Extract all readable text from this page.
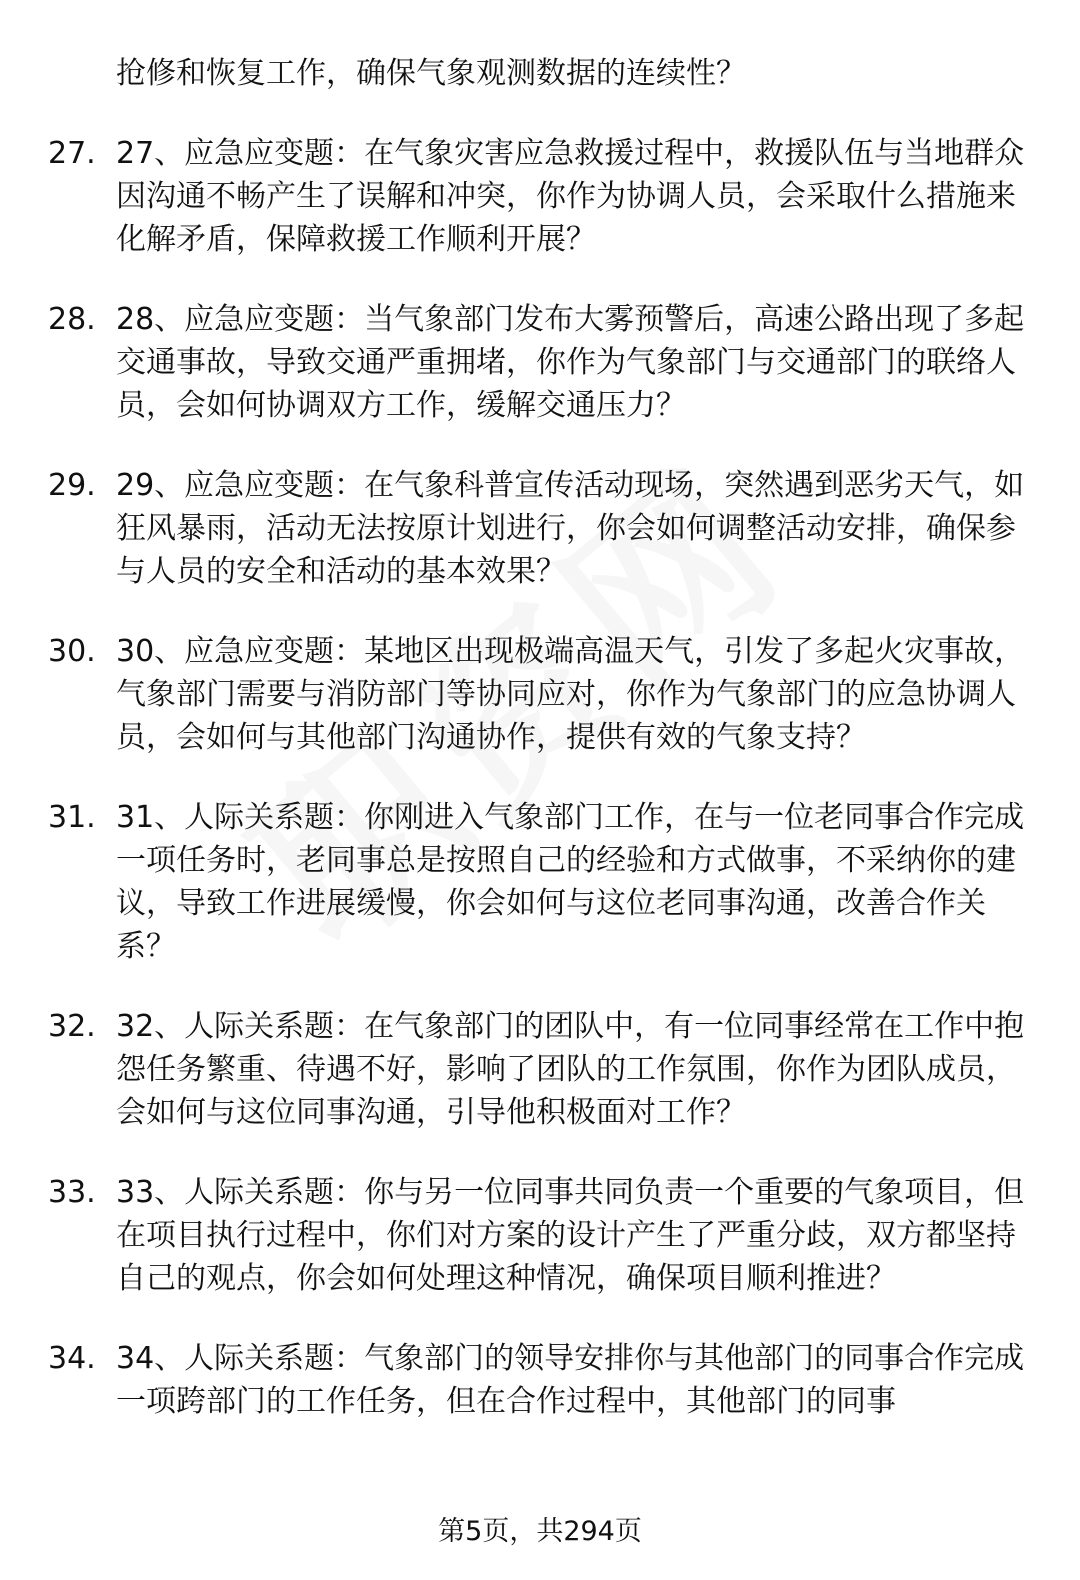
抢修和恢复工作，确保气象观测数据的连续性？
27. 27、应急应变题：在气象灾害应急救援过程中，救援队伍与当地群众因沟通不畅产生了误解和冲突，你作为协调人员，会采取什么措施来化解矛盾，保障救援工作顺利开展？
28. 28、应急应变题：当气象部门发布大雾预警后，高速公路出现了多起交通事故，导致交通严重拥堵，你作为气象部门与交通部门的联络人员，会如何协调双方工作，缓解交通压力？
29. 29、应急应变题：在气象科普宣传活动现场，突然遇到恶劣天气，如狂风暴雨，活动无法按原计划进行，你会如何调整活动安排，确保参与人员的安全和活动的基本效果？
30. 30、应急应变题：某地区出现极端高温天气，引发了多起火灾事故，气象部门需要与消防部门等协同应对，你作为气象部门的应急协调人员，会如何与其他部门沟通协作，提供有效的气象支持？
31. 31、人际关系题：你刚进入气象部门工作，在与一位老同事合作完成一项任务时，老同事总是按照自己的经验和方式做事，不采纳你的建议，导致工作进展缓慢，你会如何与这位老同事沟通，改善合作关系？
32. 32、人际关系题：在气象部门的团队中，有一位同事经常在工作中抱怨任务繁重、待遇不好，影响了团队的工作氛围，你作为团队成员，会如何与这位同事沟通，引导他积极面对工作？
33. 33、人际关系题：你与另一位同事共同负责一个重要的气象项目，但在项目执行过程中，你们对方案的设计产生了严重分歧，双方都坚持自己的观点，你会如何处理这种情况，确保项目顺利推进？
34. 34、人际关系题：气象部门的领导安排你与其他部门的同事合作完成一项跨部门的工作任务，但在合作过程中，其他部门的同事
第5页，共294页
